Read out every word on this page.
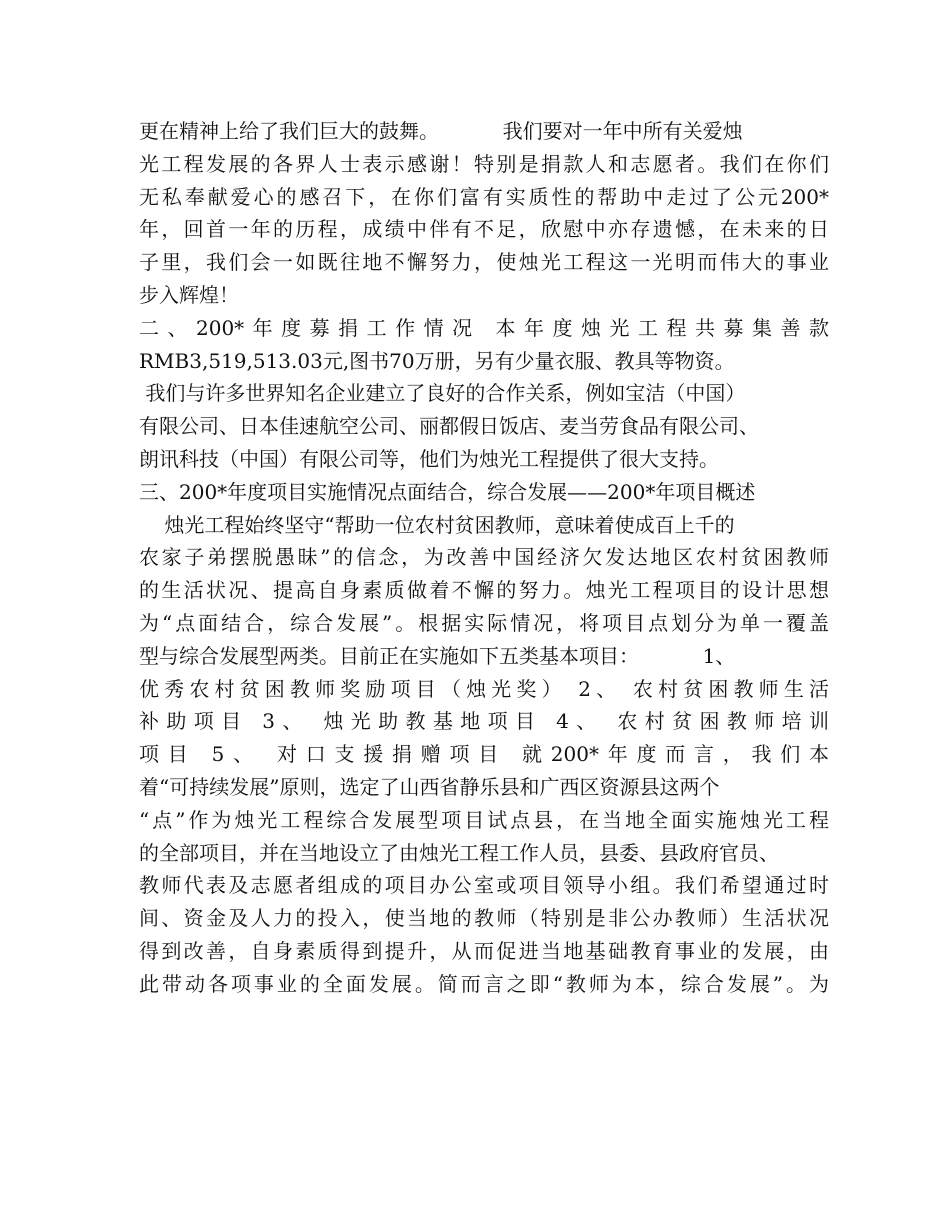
更在精神上给了我们巨大的鼓舞。          我们要对一年中所有关爱烛
光工程发展的各界人士表示感谢！特别是捐款人和志愿者。我们在你们
无私奉献爱心的感召下，在你们富有实质性的帮助中走过了公元200*
年，回首一年的历程，成绩中伴有不足，欣慰中亦存遗憾，在未来的日
子里，我们会一如既往地不懈努力，使烛光工程这一光明而伟大的事业
步入辉煌！
二、200*年度募捐工作情况 本年度烛光工程共募集善款
RMB3,519,513.03元,图书70万册，另有少量衣服、教具等物资。
我们与许多世界知名企业建立了良好的合作关系，例如宝洁（中国）
有限公司、日本佳速航空公司、丽都假日饭店、麦当劳食品有限公司、
朗讯科技（中国）有限公司等，他们为烛光工程提供了很大支持。
三、200*年度项目实施情况点面结合，综合发展——200*年项目概述
烛光工程始终坚守“帮助一位农村贫困教师，意味着使成百上千的
农家子弟摆脱愚昧”的信念，为改善中国经济欠发达地区农村贫困教师
的生活状况、提高自身素质做着不懈的努力。烛光工程项目的设计思想
为“点面结合，综合发展”。根据实际情况，将项目点划分为单一覆盖
型与综合发展型两类。目前正在实施如下五类基本项目：          1、
优秀农村贫困教师奖励项目（烛光奖） 2、 农村贫困教师生活
补助项目 3、 烛光助教基地项目 4、 农村贫困教师培训
项目 5、 对口支援捐赠项目 就200*年度而言，我们本
着“可持续发展”原则，选定了山西省静乐县和广西区资源县这两个
“点”作为烛光工程综合发展型项目试点县，在当地全面实施烛光工程
的全部项目，并在当地设立了由烛光工程工作人员，县委、县政府官员、
教师代表及志愿者组成的项目办公室或项目领导小组。我们希望通过时
间、资金及人力的投入，使当地的教师（特别是非公办教师）生活状况
得到改善，自身素质得到提升，从而促进当地基础教育事业的发展，由
此带动各项事业的全面发展。简而言之即“教师为本，综合发展”。为
